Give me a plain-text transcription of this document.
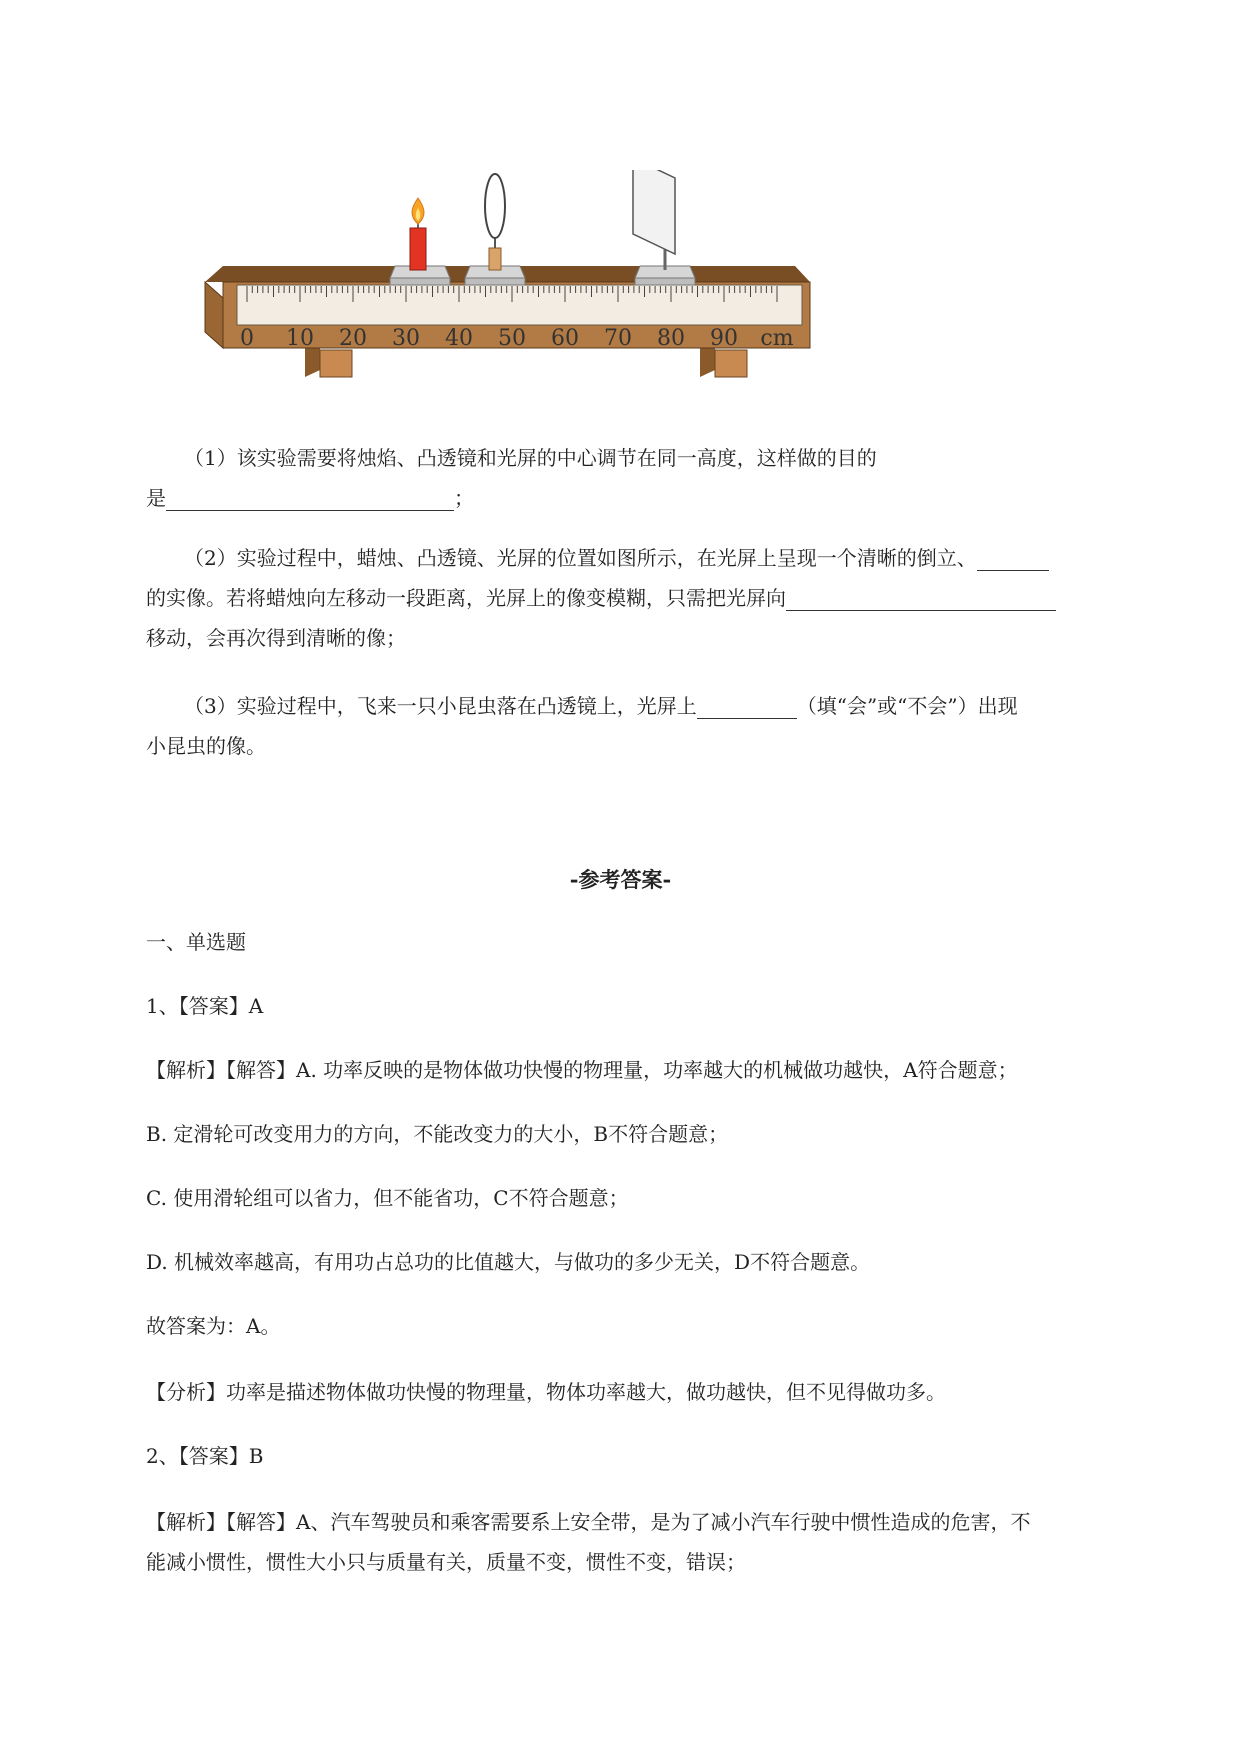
0 10 20 30 40 50 60 70 80 90 cm
（1）该实验需要将烛焰、凸透镜和光屏的中心调节在同一高度，这样做的目的
是	；
（2）实验过程中，蜡烛、凸透镜、光屏的位置如图所示，在光屏上呈现一个清晰的倒立、
的实像。若将蜡烛向左移动一段距离，光屏上的像变模糊，只需把光屏向
移动，会再次得到清晰的像；
（3）实验过程中，飞来一只小昆虫落在凸透镜上，光屏上	（填“会”或“不会”）出现
小昆虫的像。
-参考答案-
一、单选题
1、【答案】A
【解析】【解答】A. 功率反映的是物体做功快慢的物理量，功率越大的机械做功越快，A符合题意；
B. 定滑轮可改变用力的方向，不能改变力的大小，B不符合题意；
C. 使用滑轮组可以省力，但不能省功，C不符合题意；
D. 机械效率越高，有用功占总功的比值越大，与做功的多少无关，D不符合题意。
故答案为：A。
【分析】功率是描述物体做功快慢的物理量，物体功率越大，做功越快，但不见得做功多。
2、【答案】B
【解析】【解答】A、汽车驾驶员和乘客需要系上安全带，是为了减小汽车行驶中惯性造成的危害，不
能减小惯性，惯性大小只与质量有关，质量不变，惯性不变，错误；
